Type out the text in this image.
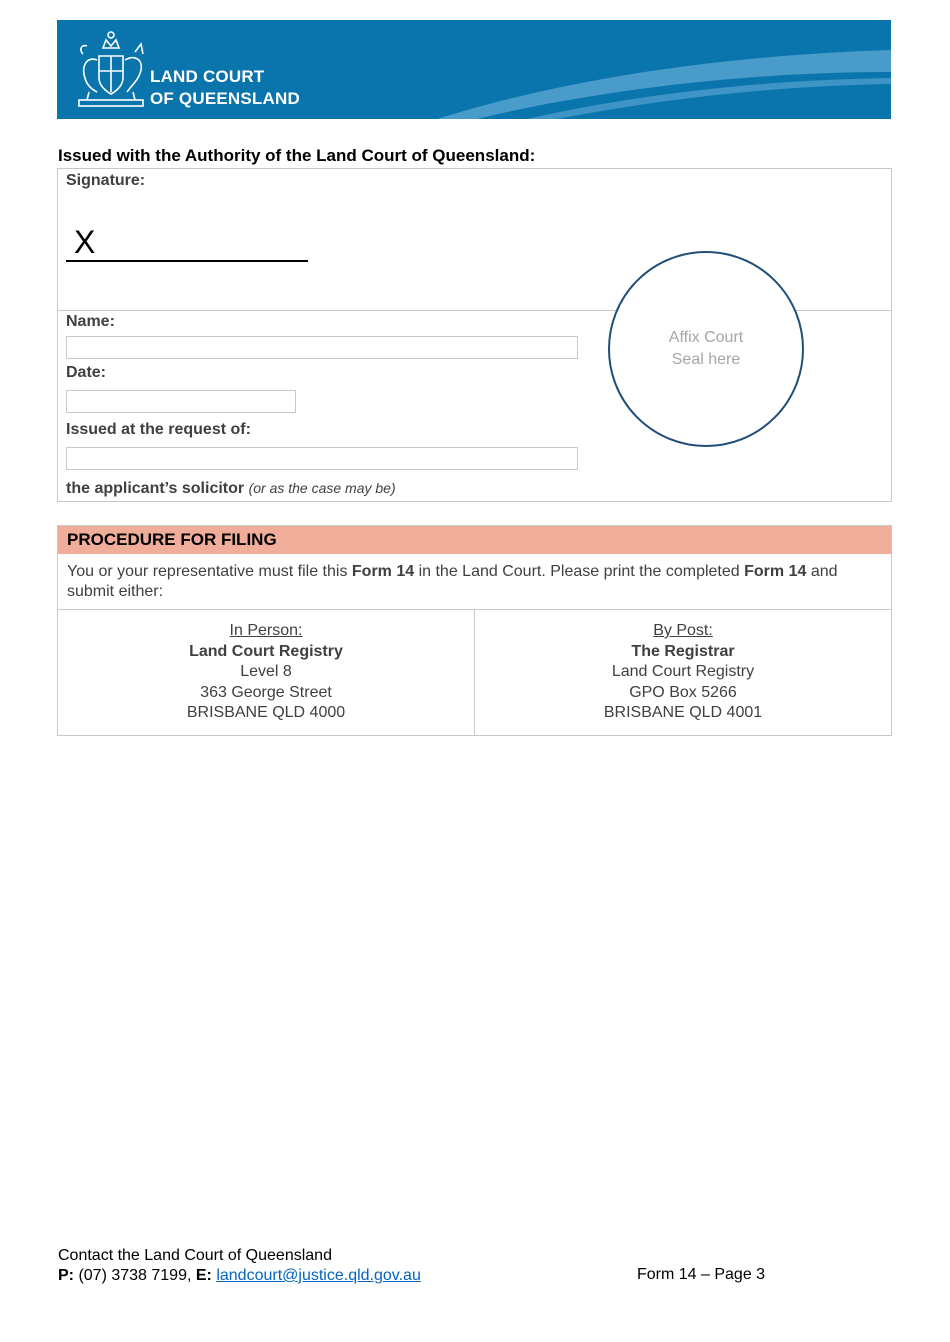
LAND COURT
OF QUEENSLAND
Issued with the Authority of the Land Court of Queensland:
Signature:
X
Name:
Date:
Issued at the request of:
the applicant’s solicitor (or as the case may be)
Affix Court
Seal here
PROCEDURE FOR FILING
You or your representative must file this Form 14 in the Land Court. Please print the completed Form 14 and submit either:
In Person:
Land Court Registry
Level 8
363 George Street
BRISBANE QLD 4000
By Post:
The Registrar
Land Court Registry
GPO Box 5266
BRISBANE QLD 4001
Contact the Land Court of Queensland
P: (07) 3738 7199, E: landcourt@justice.qld.gov.au	Form 14 – Page 3
